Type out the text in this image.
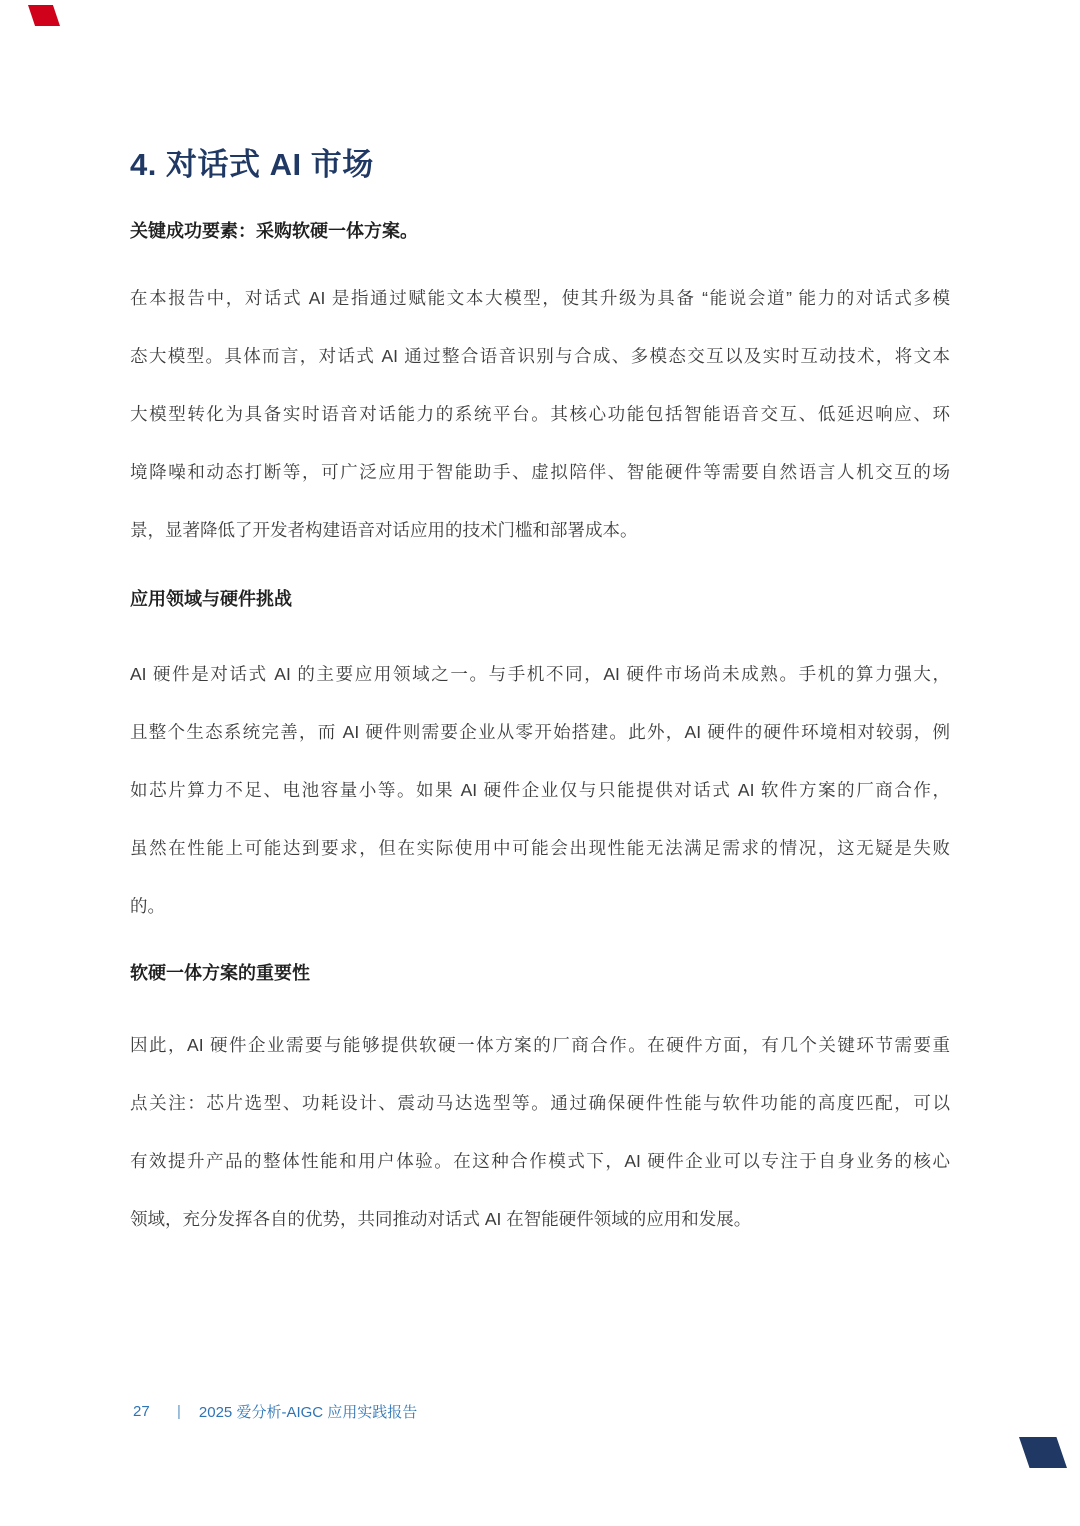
4. 对话式 AI 市场
关键成功要素：采购软硬一体方案。
在本报告中，对话式 AI 是指通过赋能文本大模型，使其升级为具备 “能说会道” 能力的对话式多模
态大模型。具体而言，对话式 AI 通过整合语音识别与合成、多模态交互以及实时互动技术，将文本
大模型转化为具备实时语音对话能力的系统平台。其核心功能包括智能语音交互、低延迟响应、环
境降噪和动态打断等，可广泛应用于智能助手、虚拟陪伴、智能硬件等需要自然语言人机交互的场
景，显著降低了开发者构建语音对话应用的技术门槛和部署成本。
应用领域与硬件挑战
AI 硬件是对话式 AI 的主要应用领域之一。与手机不同，AI 硬件市场尚未成熟。手机的算力强大，
且整个生态系统完善，而 AI 硬件则需要企业从零开始搭建。此外，AI 硬件的硬件环境相对较弱，例
如芯片算力不足、电池容量小等。如果 AI 硬件企业仅与只能提供对话式 AI 软件方案的厂商合作，
虽然在性能上可能达到要求，但在实际使用中可能会出现性能无法满足需求的情况，这无疑是失败
的。
软硬一体方案的重要性
因此，AI 硬件企业需要与能够提供软硬一体方案的厂商合作。在硬件方面，有几个关键环节需要重
点关注：芯片选型、功耗设计、震动马达选型等。通过确保硬件性能与软件功能的高度匹配，可以
有效提升产品的整体性能和用户体验。在这种合作模式下，AI 硬件企业可以专注于自身业务的核心
领域，充分发挥各自的优势，共同推动对话式 AI 在智能硬件领域的应用和发展。
27	| 2025 爱分析-AIGC 应用实践报告
